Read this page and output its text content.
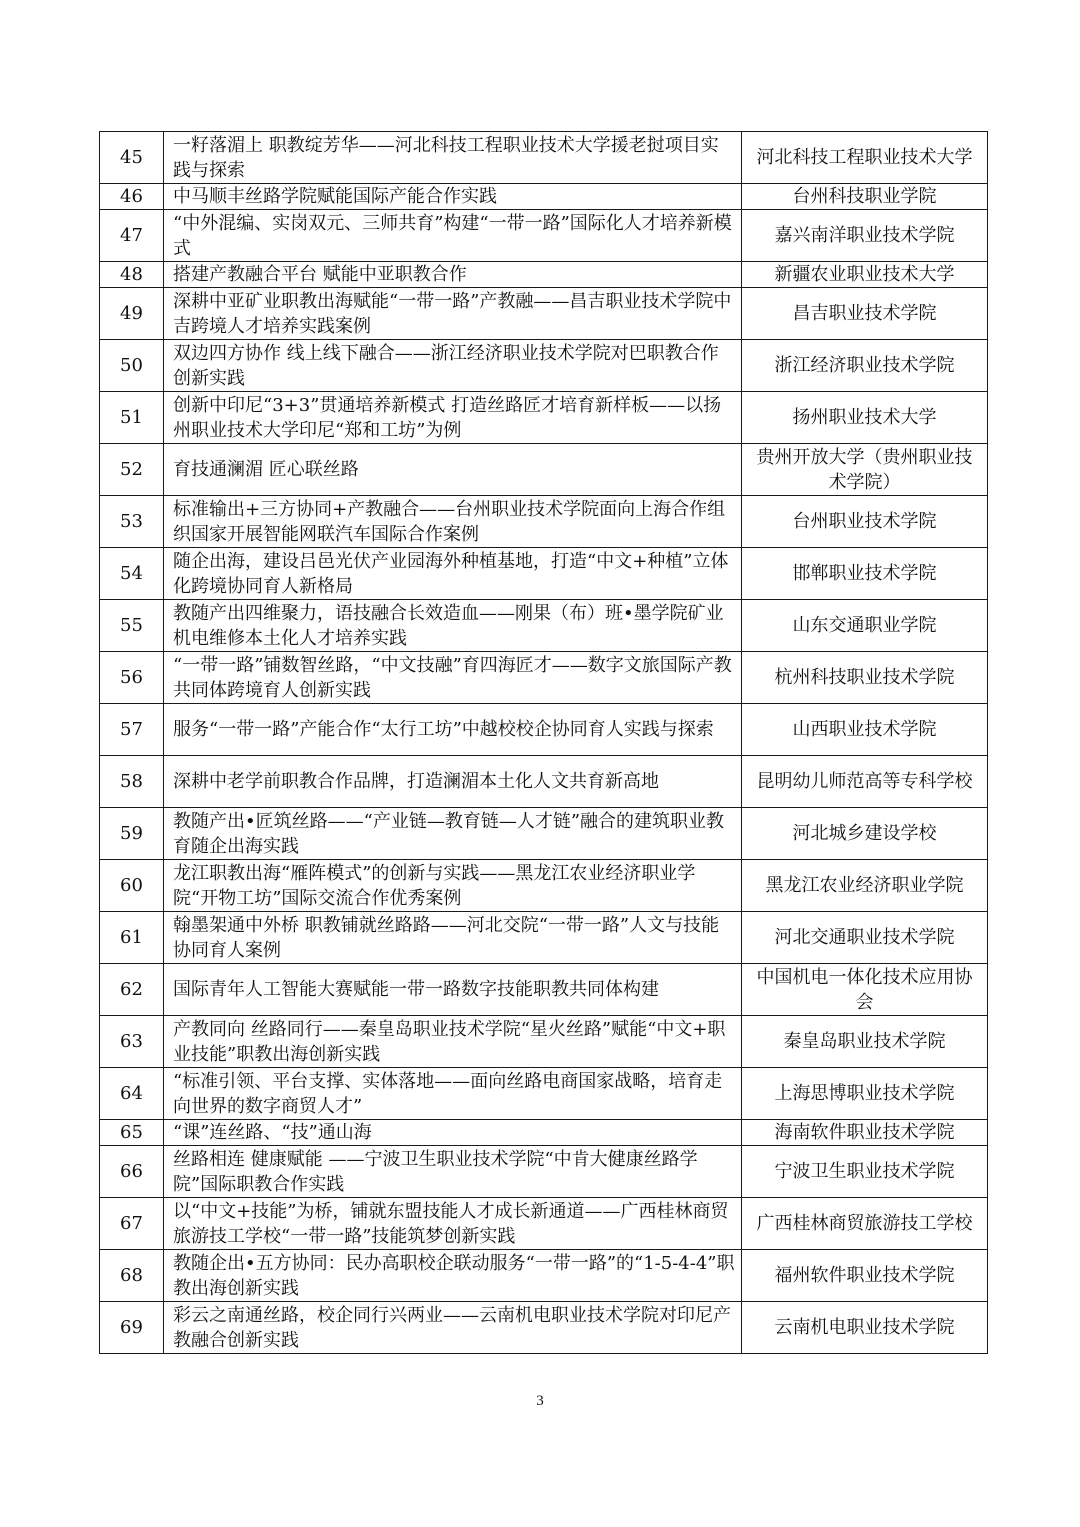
45	一籽落湄上 职教绽芳华——河北科技工程职业技术大学援老挝项目实践与探索	河北科技工程职业技术大学
46	中马顺丰丝路学院赋能国际产能合作实践	台州科技职业学院
47	“中外混编、实岗双元、三师共育”构建“一带一路”国际化人才培养新模式	嘉兴南洋职业技术学院
48	搭建产教融合平台 赋能中亚职教合作	新疆农业职业技术大学
49	深耕中亚矿业职教出海赋能“一带一路”产教融——昌吉职业技术学院中吉跨境人才培养实践案例	昌吉职业技术学院
50	双边四方协作 线上线下融合——浙江经济职业技术学院对巴职教合作创新实践	浙江经济职业技术学院
51	创新中印尼“3+3”贯通培养新模式 打造丝路匠才培育新样板——以扬州职业技术大学印尼“郑和工坊”为例	扬州职业技术大学
52	育技通澜湄 匠心联丝路	贵州开放大学（贵州职业技术学院）
53	标准输出+三方协同+产教融合——台州职业技术学院面向上海合作组织国家开展智能网联汽车国际合作案例	台州职业技术学院
54	随企出海，建设吕邑光伏产业园海外种植基地，打造“中文+种植”立体化跨境协同育人新格局	邯郸职业技术学院
55	教随产出四维聚力，语技融合长效造血——刚果（布）班•墨学院矿业机电维修本土化人才培养实践	山东交通职业学院
56	“一带一路”铺数智丝路，“中文技融”育四海匠才——数字文旅国际产教共同体跨境育人创新实践	杭州科技职业技术学院
57	服务“一带一路”产能合作“太行工坊”中越校校企协同育人实践与探索	山西职业技术学院
58	深耕中老学前职教合作品牌，打造澜湄本土化人文共育新高地	昆明幼儿师范高等专科学校
59	教随产出•匠筑丝路——“产业链—教育链—人才链”融合的建筑职业教育随企出海实践	河北城乡建设学校
60	龙江职教出海“雁阵模式”的创新与实践——黑龙江农业经济职业学院“开物工坊”国际交流合作优秀案例	黑龙江农业经济职业学院
61	翰墨架通中外桥 职教铺就丝路路——河北交院“一带一路”人文与技能协同育人案例	河北交通职业技术学院
62	国际青年人工智能大赛赋能一带一路数字技能职教共同体构建	中国机电一体化技术应用协会
63	产教同向 丝路同行——秦皇岛职业技术学院“星火丝路”赋能“中文+职业技能”职教出海创新实践	秦皇岛职业技术学院
64	“标准引领、平台支撑、实体落地——面向丝路电商国家战略，培育走向世界的数字商贸人才”	上海思博职业技术学院
65	“课”连丝路、“技”通山海	海南软件职业技术学院
66	丝路相连 健康赋能 ——宁波卫生职业技术学院“中肯大健康丝路学院”国际职教合作实践	宁波卫生职业技术学院
67	以“中文+技能”为桥，铺就东盟技能人才成长新通道——广西桂林商贸旅游技工学校“一带一路”技能筑梦创新实践	广西桂林商贸旅游技工学校
68	教随企出•五方协同：民办高职校企联动服务“一带一路”的“1-5-4-4”职教出海创新实践	福州软件职业技术学院
69	彩云之南通丝路，校企同行兴两业——云南机电职业技术学院对印尼产教融合创新实践	云南机电职业技术学院
3
